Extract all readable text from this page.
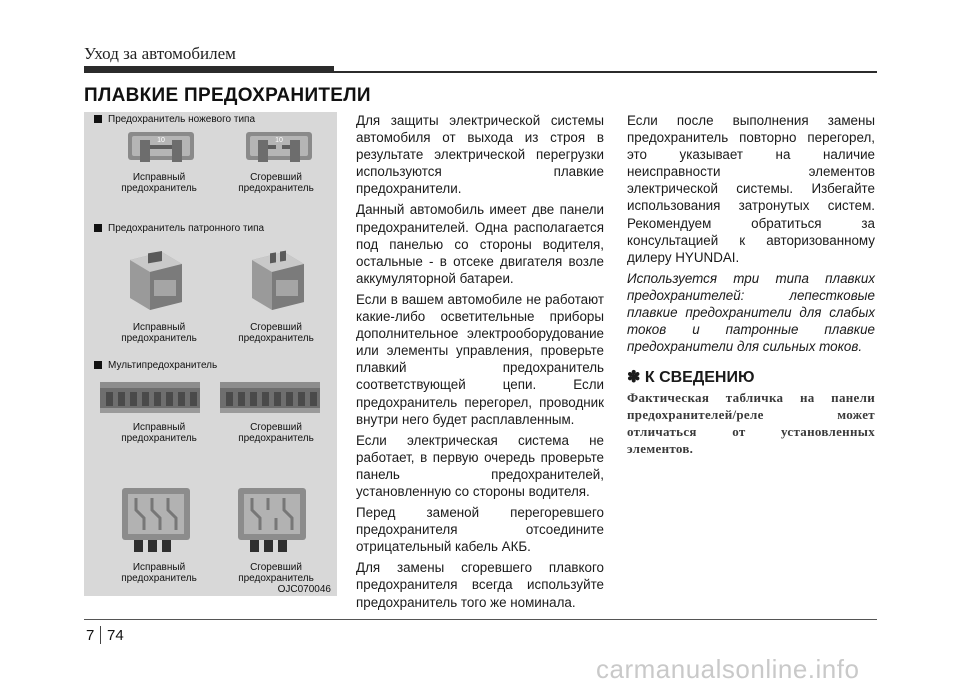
Уход за автомобилем
ПЛАВКИЕ ПРЕДОХРАНИТЕЛИ
Предохранитель ножевого типа
10	10
Исправный предохранитель
Сгоревший предохранитель
Предохранитель патронного типа
Исправный предохранитель
Сгоревший предохранитель
Мультипредохранитель
Исправный предохранитель
Сгоревший предохранитель
Исправный предохранитель
Сгоревший предохранитель
OJC070046

Для защиты электрической системы автомобиля от выхода из строя в результате электрической перегрузки используются плавкие предохранители.

Данный автомобиль имеет две панели предохранителей. Одна располагается под панелью со стороны водителя, остальные - в отсеке двигателя возле аккумуляторной батареи.

Если в вашем автомобиле не работают какие-либо осветительные приборы дополнительное электрооборудование или элементы управления, проверьте плавкий предохранитель соответствующей цепи. Если предохранитель перегорел, проводник внутри него будет расплавленным.

Если электрическая система не работает, в первую очередь проверьте панель предохранителей, установленную со стороны водителя.

Перед заменой перегоревшего предохранителя отсоедините отрицательный кабель АКБ.

Для замены сгоревшего плавкого предохранителя всегда используйте предохранитель того же номинала.

Если после выполнения замены предохранитель повторно перегорел, это указывает на наличие неисправности элементов электрической системы. Избегайте использования затронутых систем. Рекомендуем обратиться за консультацией к авторизованному дилеру HYUNDAI.

Используется три типа плавких предохранителей: лепестковые плавкие предохранители для слабых токов и патронные плавкие предохранители для сильных токов.

✽ К СВЕДЕНИЮ
Фактическая табличка на панели предохранителей/реле может отличаться от установленных элементов.
7 74
carmanualsonline.info
